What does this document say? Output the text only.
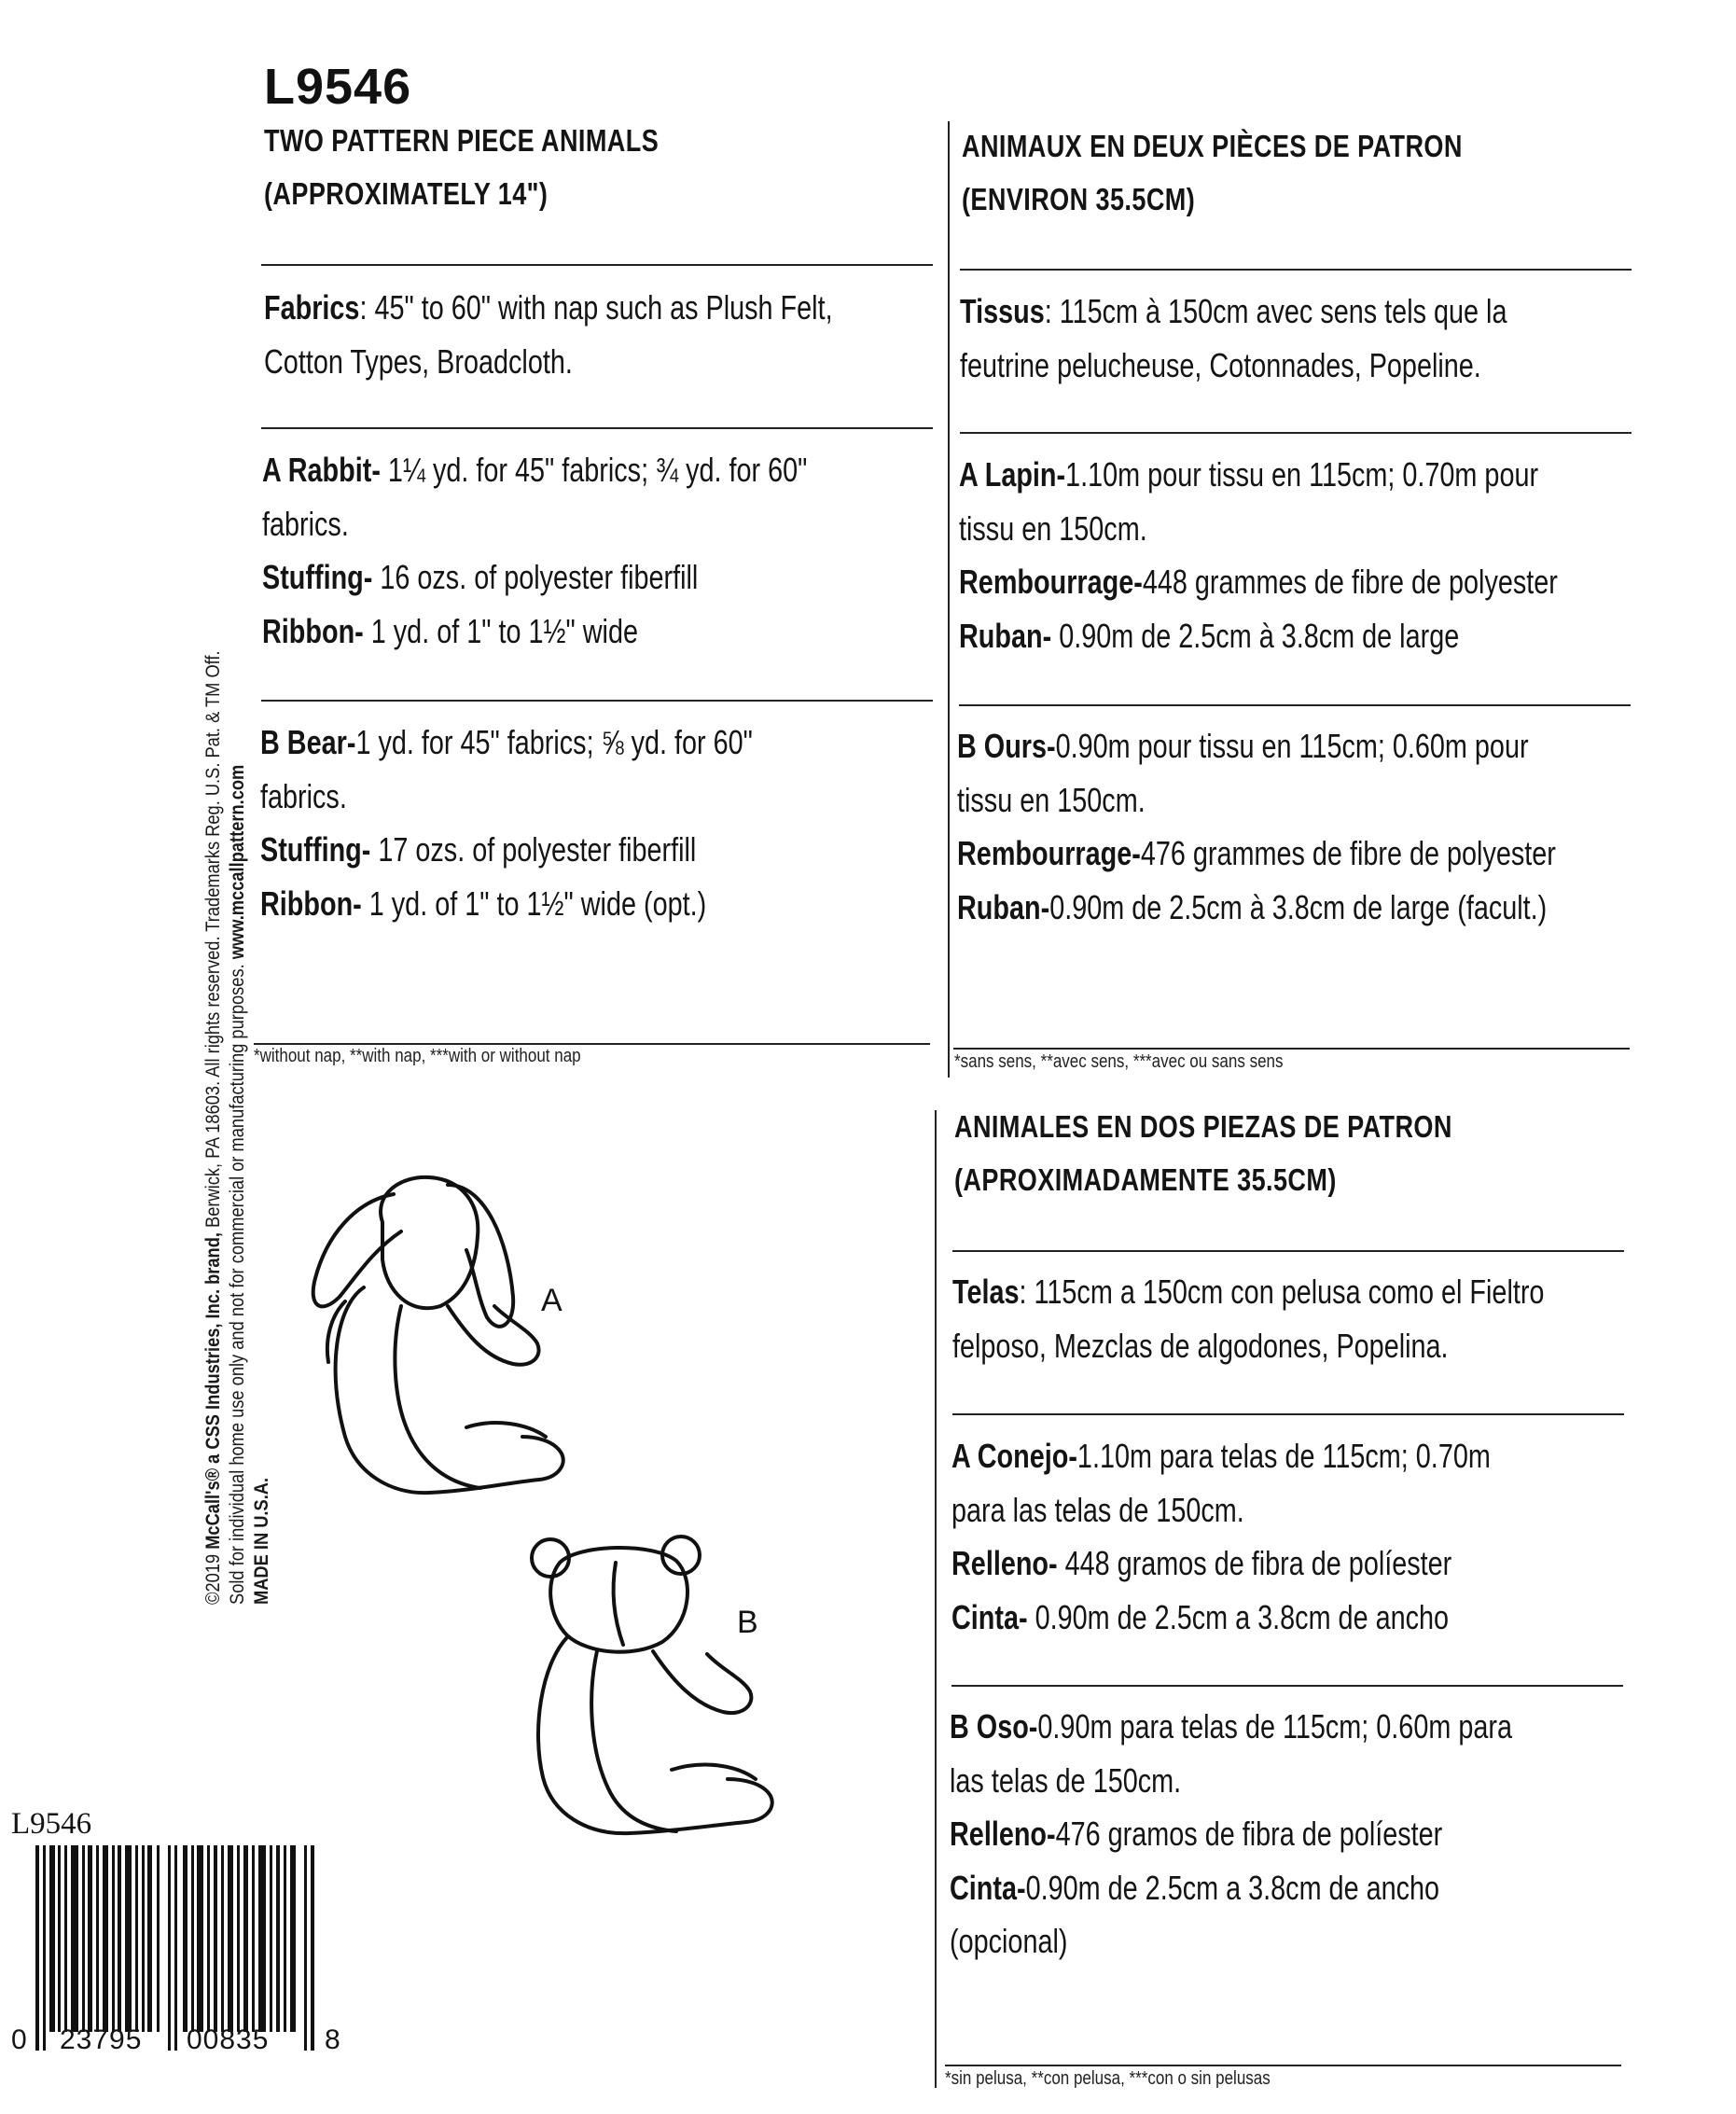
L9546
TWO PATTERN PIECE ANIMALS
(APPROXIMATELY 14")

Fabrics: 45" to 60" with nap such as Plush Felt,

Cotton Types, Broadcloth.

A Rabbit- 1¼ yd. for 45" fabrics; ¾ yd. for 60"

fabrics.

Stuffing- 16 ozs. of polyester fiberfill

Ribbon- 1 yd. of 1" to 1½" wide

B Bear-1 yd. for 45" fabrics; ⅝ yd. for 60"

fabrics.

Stuffing- 17 ozs. of polyester fiberfill

Ribbon- 1 yd. of 1" to 1½" wide (opt.)

*without nap, **with nap, ***with or without nap
ANIMAUX EN DEUX PIÈCES DE PATRON
(ENVIRON 35.5CM)

Tissus: 115cm à 150cm avec sens tels que la

feutrine pelucheuse, Cotonnades, Popeline.

A Lapin-1.10m pour tissu en 115cm; 0.70m pour

tissu en 150cm.

Rembourrage-448 grammes de fibre de polyester

Ruban- 0.90m de 2.5cm à 3.8cm de large

B Ours-0.90m pour tissu en 115cm; 0.60m pour

tissu en 150cm.

Rembourrage-476 grammes de fibre de polyester

Ruban-0.90m de 2.5cm à 3.8cm de large (facult.)

*sans sens, **avec sens, ***avec ou sans sens
ANIMALES EN DOS PIEZAS DE PATRON
(APROXIMADAMENTE 35.5CM)

Telas: 115cm a 150cm con pelusa como el Fieltro

felposo, Mezclas de algodones, Popelina.

A Conejo-1.10m para telas de 115cm; 0.70m

para las telas de 150cm.

Relleno- 448 gramos de fibra de políester

Cinta- 0.90m de 2.5cm a 3.8cm de ancho

B Oso-0.90m para telas de 115cm; 0.60m para

las telas de 150cm.

Relleno-476 gramos de fibra de políester

Cinta-0.90m de 2.5cm a 3.8cm de ancho

(opcional)

*sin pelusa, **con pelusa, ***con o sin pelusas

©2019 McCall's® a CSS Industries, Inc. brand, Berwick, PA 18603. All rights reserved. Trademarks Reg. U.S. Pat. & TM Off.

Sold for individual home use only and not for commercial or manufacturing purposes. www.mccallpattern.com

MADE IN U.S.A.

A
B
L9546
0 23795 00835 8
